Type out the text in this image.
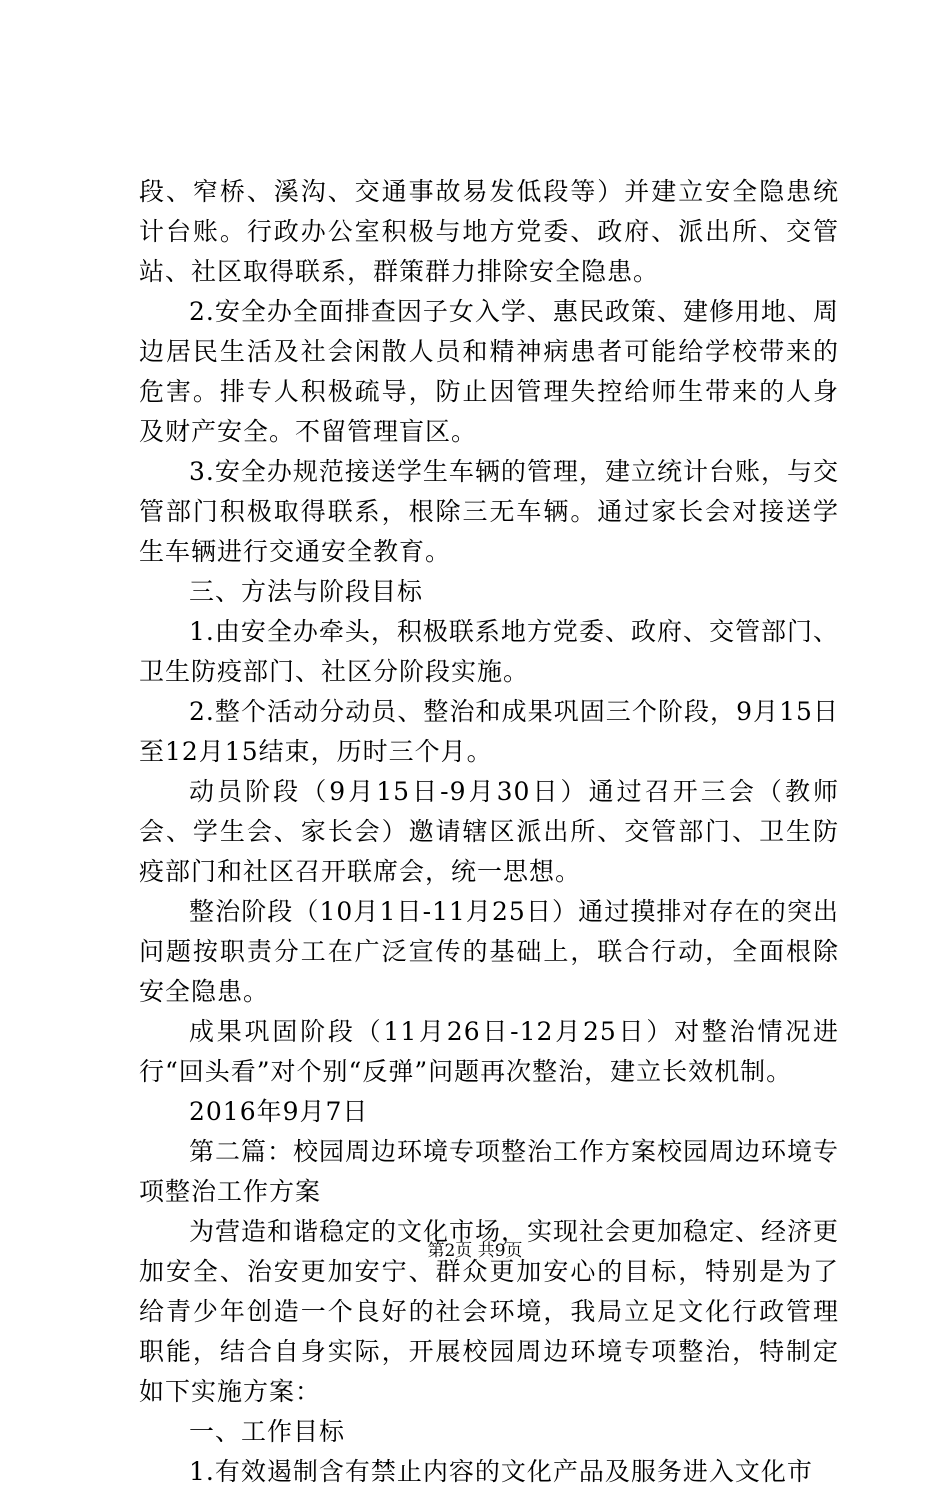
段、窄桥、溪沟、交通事故易发低段等）并建立安全隐患统计台账。行政办公室积极与地方党委、政府、派出所、交管站、社区取得联系，群策群力排除安全隐患。

2.安全办全面排查因子女入学、惠民政策、建修用地、周边居民生活及社会闲散人员和精神病患者可能给学校带来的危害。排专人积极疏导，防止因管理失控给师生带来的人身及财产安全。不留管理盲区。

3.安全办规范接送学生车辆的管理，建立统计台账，与交管部门积极取得联系，根除三无车辆。通过家长会对接送学生车辆进行交通安全教育。

三、方法与阶段目标

1.由安全办牵头，积极联系地方党委、政府、交管部门、卫生防疫部门、社区分阶段实施。

2.整个活动分动员、整治和成果巩固三个阶段，9月15日至12月15结束，历时三个月。

动员阶段（9月15日-9月30日）通过召开三会（教师会、学生会、家长会）邀请辖区派出所、交管部门、卫生防疫部门和社区召开联席会，统一思想。

整治阶段（10月1日-11月25日）通过摸排对存在的突出问题按职责分工在广泛宣传的基础上，联合行动，全面根除安全隐患。

成果巩固阶段（11月26日-12月25日）对整治情况进行“回头看”对个别“反弹”问题再次整治，建立长效机制。

2016年9月7日

第二篇：校园周边环境专项整治工作方案校园周边环境专项整治工作方案

为营造和谐稳定的文化市场，实现社会更加稳定、经济更加安全、治安更加安宁、群众更加安心的目标，特别是为了给青少年创造一个良好的社会环境，我局立足文化行政管理职能，结合自身实际，开展校园周边环境专项整治，特制定如下实施方案：

一、工作目标

1.有效遏制含有禁止内容的文化产品及服务进入文化市

第2页 共9页
